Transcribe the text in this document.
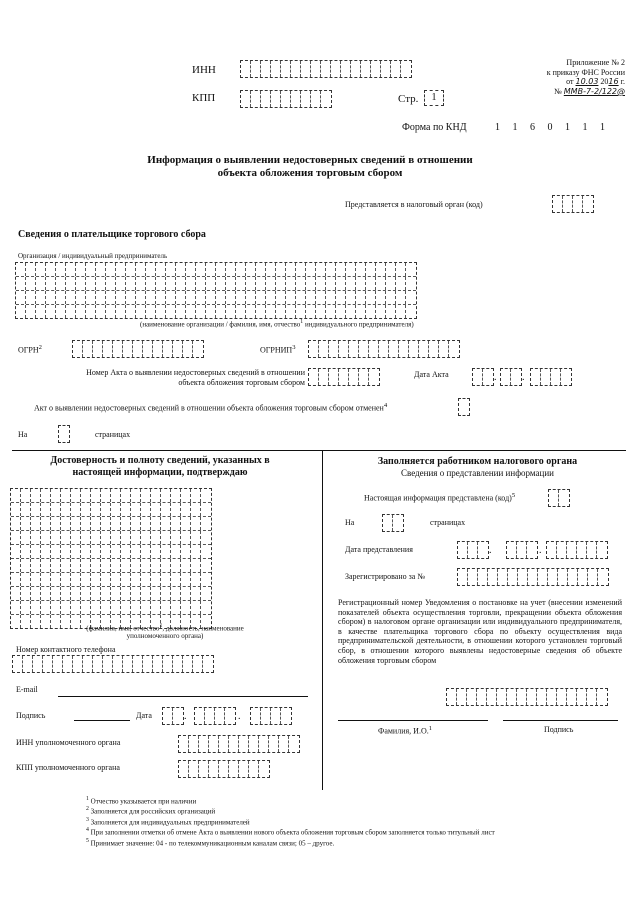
ИНН
КПП	Стр.	1
Приложение № 2
к приказу ФНС России
от 10.03 2016 г.
№ ММВ-7-2/122@
Форма по КНД	1 1 6 0 1 1 1
Информация о выявлении недостоверных сведений в отношении
объекта обложения торговым сбором
Представляется в налоговый орган (код)
Сведения о плательщике торгового сбора
Организация / индивидуальный предприниматель
(наименование организации / фамилия, имя, отчество$^1$ индивидуального предпринимателя)
ОГРН$^2$	ОГРНИП$^3$
Номер Акта о выявлении недостоверных сведений в отношении объекта обложения торговым сбором
Дата Акта	.	.
Акт о выявлении недостоверных сведений в отношении объекта обложения торговым сбором отменен$^4$
На	страницах
Достоверность и полноту сведений, указанных в настоящей информации, подтверждаю
(фамилия, имя, отчество$^1$, должность, наименование
уполномоченного органа)
Номер контактного телефона
E-mail
Подпись	Дата	.	.
ИНН уполномоченного органа
КПП уполномоченного органа
Заполняется работником налогового органа
Сведения о представлении информации
Настоящая информация представлена (код)$^5$
На	страницах
Дата представления	.	.
Зарегистрировано за №
Регистрационный номер Уведомления о постановке на учет (внесении изменений показателей объекта осуществления торговли, прекращении объекта обложения сбором) в налоговом органе организации или индивидуального предпринимателя, в качестве плательщика торгового сбора по объекту осуществления вида предпринимательской деятельности, в отношении которого установлен торговый сбор, в отношении которого выявлены недостоверные сведения об объекте обложения торговым сбором
Фамилия, И.О.$^1$	Подпись
$^1$ Отчество указывается при наличии
$^2$ Заполняется для российских организаций
$^3$ Заполняется для индивидуальных предпринимателей
$^4$ При заполнении отметки об отмене Акта о выявлении нового объекта обложения торговым сбором заполняется только титульный лист
$^5$ Принимает значение: 04 - по телекоммуникационным каналам связи; 05 – другое.
